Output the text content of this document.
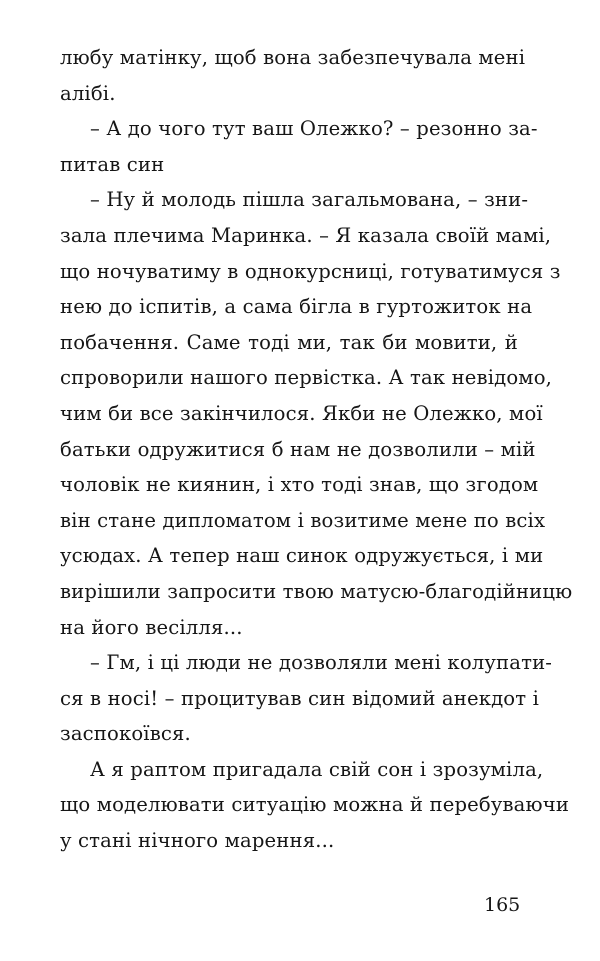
любу матінку, щоб вона забезпечувала мені
алібі.
– А до чого тут ваш Олежко? – резонно за-
питав син
– Ну й молодь пішла загальмована, – зни-
зала плечима Маринка. – Я казала своїй мамі,
що ночуватиму в однокурсниці, готуватимуся з
нею до іспитів, а сама бігла в гуртожиток на
побачення. Саме тоді ми, так би мовити, й
спроворили нашого первістка. А так невідомо,
чим би все закінчилося. Якби не Олежко, мої
батьки одружитися б нам не дозволили – мій
чоловік не киянин, і хто тоді знав, що згодом
він стане дипломатом і возитиме мене по всіх
усюдах. А тепер наш синок одружується, і ми
вирішили запросити твою матусю-благодійницю
на його весілля...
– Гм, і ці люди не дозволяли мені колупати-
ся в носі! – процитував син відомий анекдот і
заспокоївся.
А я раптом пригадала свій сон і зрозуміла,
що моделювати ситуацію можна й перебуваючи
у стані нічного марення...
165
